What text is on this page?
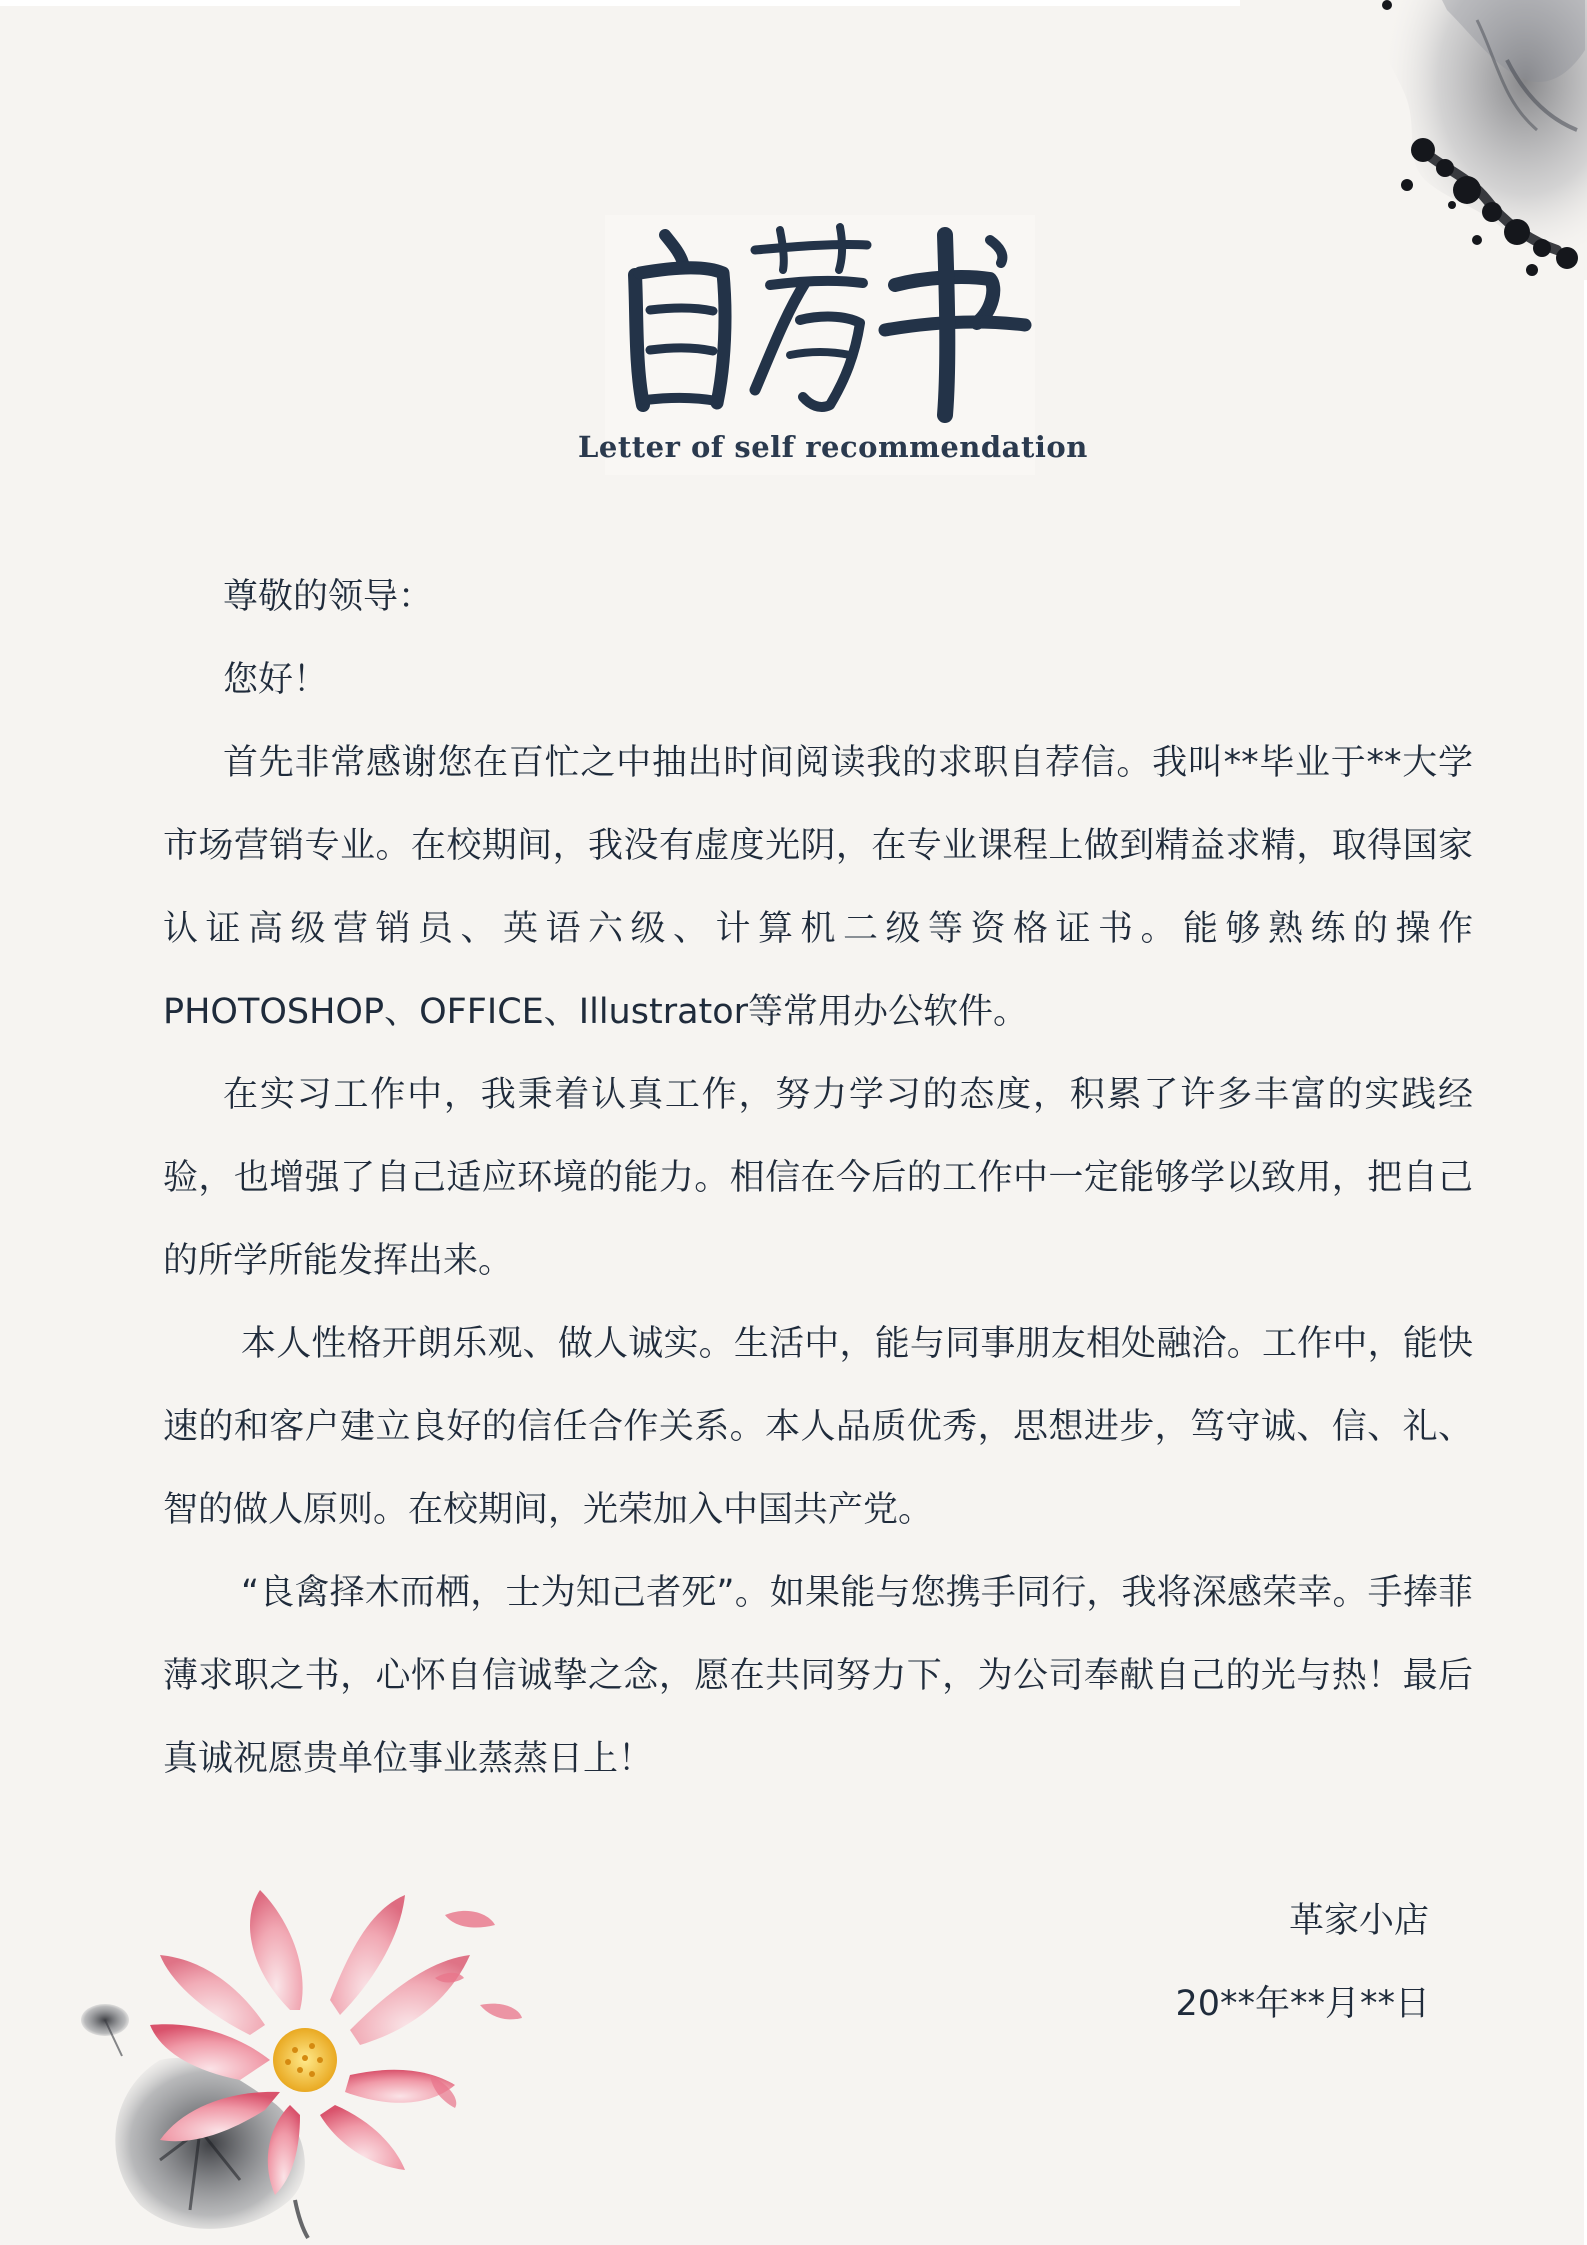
Letter of self recommendation

尊敬的领导：

您好！

首先非常感谢您在百忙之中抽出时间阅读我的求职自荐信。我叫**毕业于**大学市场营销专业。在校期间，我没有虚度光阴，在专业课程上做到精益求精，取得国家认证高级营销员、英语六级、计算机二级等资格证书。能够熟练的操作PHOTOSHOP、OFFICE、Illustrator等常用办公软件。

在实习工作中，我秉着认真工作，努力学习的态度，积累了许多丰富的实践经验，也增强了自己适应环境的能力。相信在今后的工作中一定能够学以致用，把自己的所学所能发挥出来。

本人性格开朗乐观、做人诚实。生活中，能与同事朋友相处融洽。工作中，能快速的和客户建立良好的信任合作关系。本人品质优秀，思想进步，笃守诚、信、礼、智的做人原则。在校期间，光荣加入中国共产党。

“良禽择木而栖，士为知己者死”。如果能与您携手同行，我将深感荣幸。手捧菲薄求职之书，心怀自信诚挚之念，愿在共同努力下，为公司奉献自己的光与热！最后真诚祝愿贵单位事业蒸蒸日上！

革家小店
20**年**月**日
